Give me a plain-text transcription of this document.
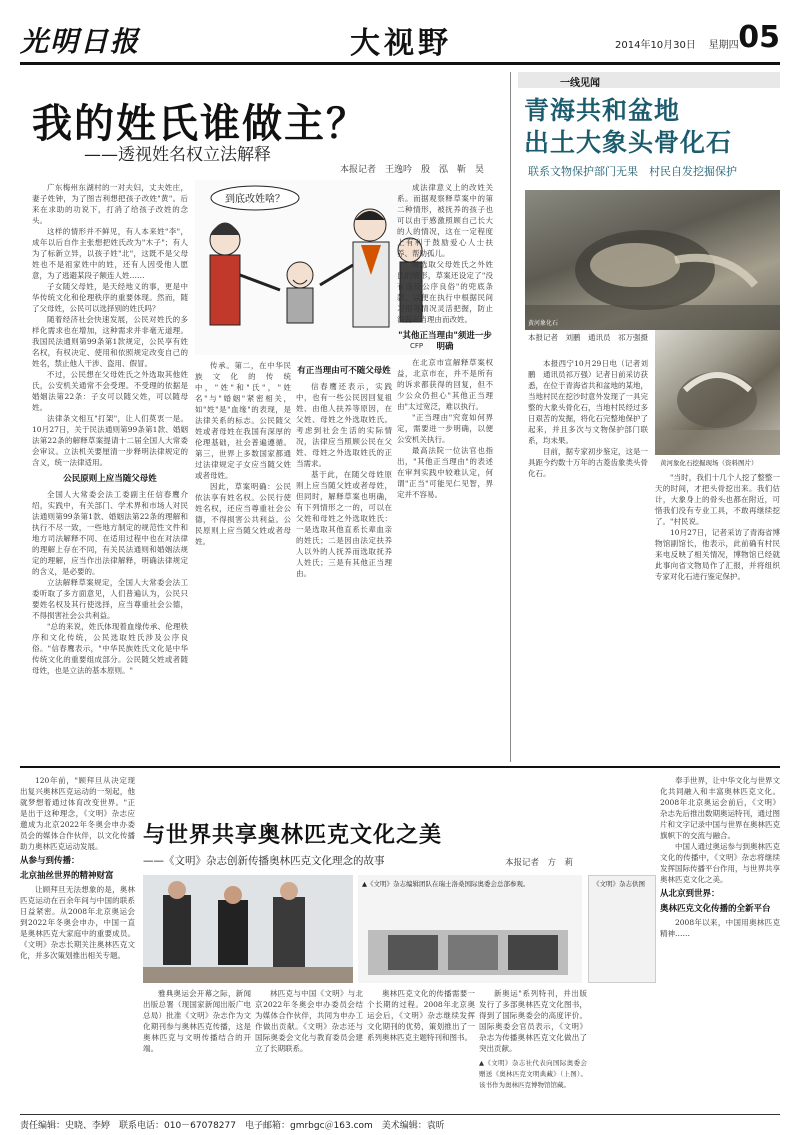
光明日报	大视野	2014年10月30日 星期四 05
我的姓氏谁做主？
——透视姓名权立法解释
本报记者　王逸吟　殷　泓　靳　昊
到底改姓啥？
CFP

广东梅州东湖村的一对夫妇，丈夫姓庄，妻子姓钟，为了图吉利想把孩子改姓"黄"。后来在求助的功说下，打消了给孩子改姓的念头。

这样的情形并不鲜见，有人本来姓"李"，成年以后自作主张想把姓氏改为"木子"；有人为了标新立异，以孩子姓"北"，这既不是父母姓也不是祖家姓中的姓，还有人因受他人愿意，为了逃避某段子额连人姓……

子女随父母姓，是天经地义的事，更是中华传统文化和伦理秩序的重要体现。然而，随了父母姓，公民可以选择别的姓氏吗？

随着经济社会快速发展，公民对姓氏的多样化需求也在增加，这种需求并非毫无道理。我国民法通则第99条第1款规定，公民享有姓名权，有权决定、使用和依照规定改变自己的姓名，禁止他人干涉、盗用、假冒。

不过，公民想在父母姓氏之外选取其他姓氏，公安机关通常不会受理。不受理的依据是婚姻法第22条：子女可以随父姓，可以随母姓。

法律条文相互"打架"，让人们莫衷一是。10月27日，关于民法通则第99条第1款、婚姻法第22条的解释草案提请十二届全国人大常委会审议。立法机关要厘清一步释明法律规定的含义，统一法律适用。

公民原则上应当随父母姓

全国人大常委会法工委副主任信春鹰介绍，实践中，有关部门、学术界和市场人对民法通则第99条第1款、婚姻法第22条的理解和执行不尽一致，一些地方制定的规范性文件和地方司法解释不同、在适用过程中也在对法律的理解上存在不同，有关民法通则和婚姻法规定的理解，应当作出法律解释，明确法律规定的含义，是必要的。

立法解释草案规定，全国人大常委会法工委听取了多方面意见，人们普遍认为，公民只要姓名权及其行使选择，应当尊重社会公德，不得损害社会公共利益。

"总的来说，姓氏体现着血缘传承、伦理秩序和文化传统，公民选取姓氏涉及公序良俗。"信春鹰表示，"中华民族姓氏文化是中华传统文化的重要组成部分。公民随父姓或者随母姓，也是立法的基本原则。"

传承。第二，在中华民族文化的传统中，"姓"和"氏"，"姓名"与"婚姻"紧密相关，如"姓"是"血缘"的表现，是法律关系的标志。公民随父姓或者母姓在我国有深厚的伦理基础，社会普遍遵循。第三，世界上多数国家都通过法律规定子女应当随父姓或者母姓。

因此，草案明确：公民依法享有姓名权。公民行使姓名权，还应当尊重社会公德，不得损害公共利益。公民原则上应当随父姓或者母姓。

有正当理由可不随父母姓

信春鹰还表示，实践中，也有一些公民因回复祖姓、由他人扶养等原因，在父姓、母姓之外选取姓氏。考虑到社会生活的实际情况，法律应当照顾公民在父姓、母姓之外选取姓氏的正当需求。

基于此，在随父母姓原则上应当随父姓或者母姓，但同时，解释草案也明确，有下列情形之一的，可以在父姓和母姓之外选取姓氏：一是选取其他直系长辈血亲的姓氏；二是因由法定扶养人以外的人抚养而选取抚养人姓氏；三是有其他正当理由。

成法律意义上的改姓关系。而据观察释草案中的第二种情形，被抚养的孩子也可以由于感激照顾自己长大的人的情况，这在一定程度上有利于鼓励爱心人士扶养、帮助孤儿。

对选取父母姓氏之外姓氏的情形，草案还设定了"没有违反公序良俗"的兜底条款，以便在执行中根据民间习俗等情况灵活把握，防止没有正当理由而改姓。

"其他正当理由"须进一步明确

在北京市宣解释草案权益，北京市在，并不是所有的诉求都获得的回复，但不少公众仍担心"其他正当理由"太过宽泛，难以执行。

"正当理由"究竟如何界定，需要进一步明确，以便公安机关执行。

最高法院一位法官也指出，"其他正当理由"的表述在审判实践中较难认定，何谓"正当"可能见仁见智，界定并不容易。

一线见闻
青海共和盆地
出土大象头骨化石
联系文物保护部门无果　村民自发挖掘保护
黄河象化石
本报记者　刘鹏　通讯员　祁万强摄
黄河象化石挖掘现场（资料图片）

本报西宁10月29日电（记者刘鹏　通讯员祁万强）记者日前采访获悉，在位于青海省共和盆地的某地，当地村民在挖沙时意外发现了一具完整的大象头骨化石，当地村民经过多日艰苦的发掘，将化石完整地保护了起来，并且多次与文物保护部门联系，均未果。

目前，据专家初步鉴定，这是一具距今约数十万年的古菱齿象类头骨化石。	"当时，我们十几个人挖了整整一天的时间，才把头骨挖出来。我们估计，大象身上的骨头也都在附近，可惜我们没有专业工具，不敢再继续挖了。"村民说。

10月27日，记者采访了青海省博物馆副馆长，他表示，此前确有村民来电反映了相关情况，博物馆已经就此事向省文物局作了汇报，并将组织专家对化石进行鉴定保护。

120年前，"顾拜旦从决定现出复兴奥林匹克运动的一刻起，他就梦想着通过体育改变世界。"正是出于这种理念，《文明》杂志应邀成为北京2022年冬奥会申办委员会的媒体合作伙伴，以文化传播助力奥林匹克运动发展。

从参与到传播：
北京抽丝世界的精神财富

让顾拜旦无法想象的是，奥林匹克运动在百余年间与中国的联系日益紧密。从2008年北京奥运会到2022年冬奥会申办，中国一直是奥林匹克大家庭中的重要成员。《文明》杂志长期关注奥林匹克文化，并多次策划推出相关专题。

与世界共享奥林匹克文化之美
——《文明》杂志创新传播奥林匹克文化理念的故事	本报记者　方　莉
▲《文明》杂志编辑团队在瑞士洛桑国际奥委会总部参观。	《文明》杂志供图

雅典奥运会开幕之际，新闻出版总署（现国家新闻出版广电总局）批准《文明》杂志作为文化期刊参与奥林匹克传播，这是奥林匹克与文明传播结合的开端。

林匹克与中国《文明》与北京2022年冬奥会申办委员会结为媒体合作伙伴，共同为申办工作做出贡献。《文明》杂志还与国际奥委会文化与教育委员会建立了长期联系。

奥林匹克文化的传播需要一个长期的过程。2008年北京奥运会后，《文明》杂志继续发挥文化期刊的优势，策划推出了一系列奥林匹克主题特刊和图书。

新奥运"系列特刊，并出版发行了多部奥林匹克文化图书，得到了国际奥委会的高度评价。国际奥委会官员表示，《文明》杂志为传播奥林匹克文化做出了突出贡献。

▲《文明》杂志社代表向国际奥委会赠送《奥林匹克文明典藏》（上图）。该书作为奥林匹克博物馆馆藏。

奉手世界，让中华文化与世界文化共同融入和丰富奥林匹克文化。2008年北京奥运会前后，《文明》杂志先后推出数期奥运特刊，通过图片和文字记录中国与世界在奥林匹克旗帜下的交流与融合。

中国人通过奥运参与到奥林匹克文化的传播中，《文明》杂志将继续发挥国际传播平台作用，与世界共享奥林匹克文化之美。

从北京到世界：
奥林匹克文化传播的全新平台

2008年以来，中国用奥林匹克精神……

责任编辑：史晓、李婷　联系电话：010－67078277　电子邮箱：gmrbgc＠163.com　美术编辑：袁昕
